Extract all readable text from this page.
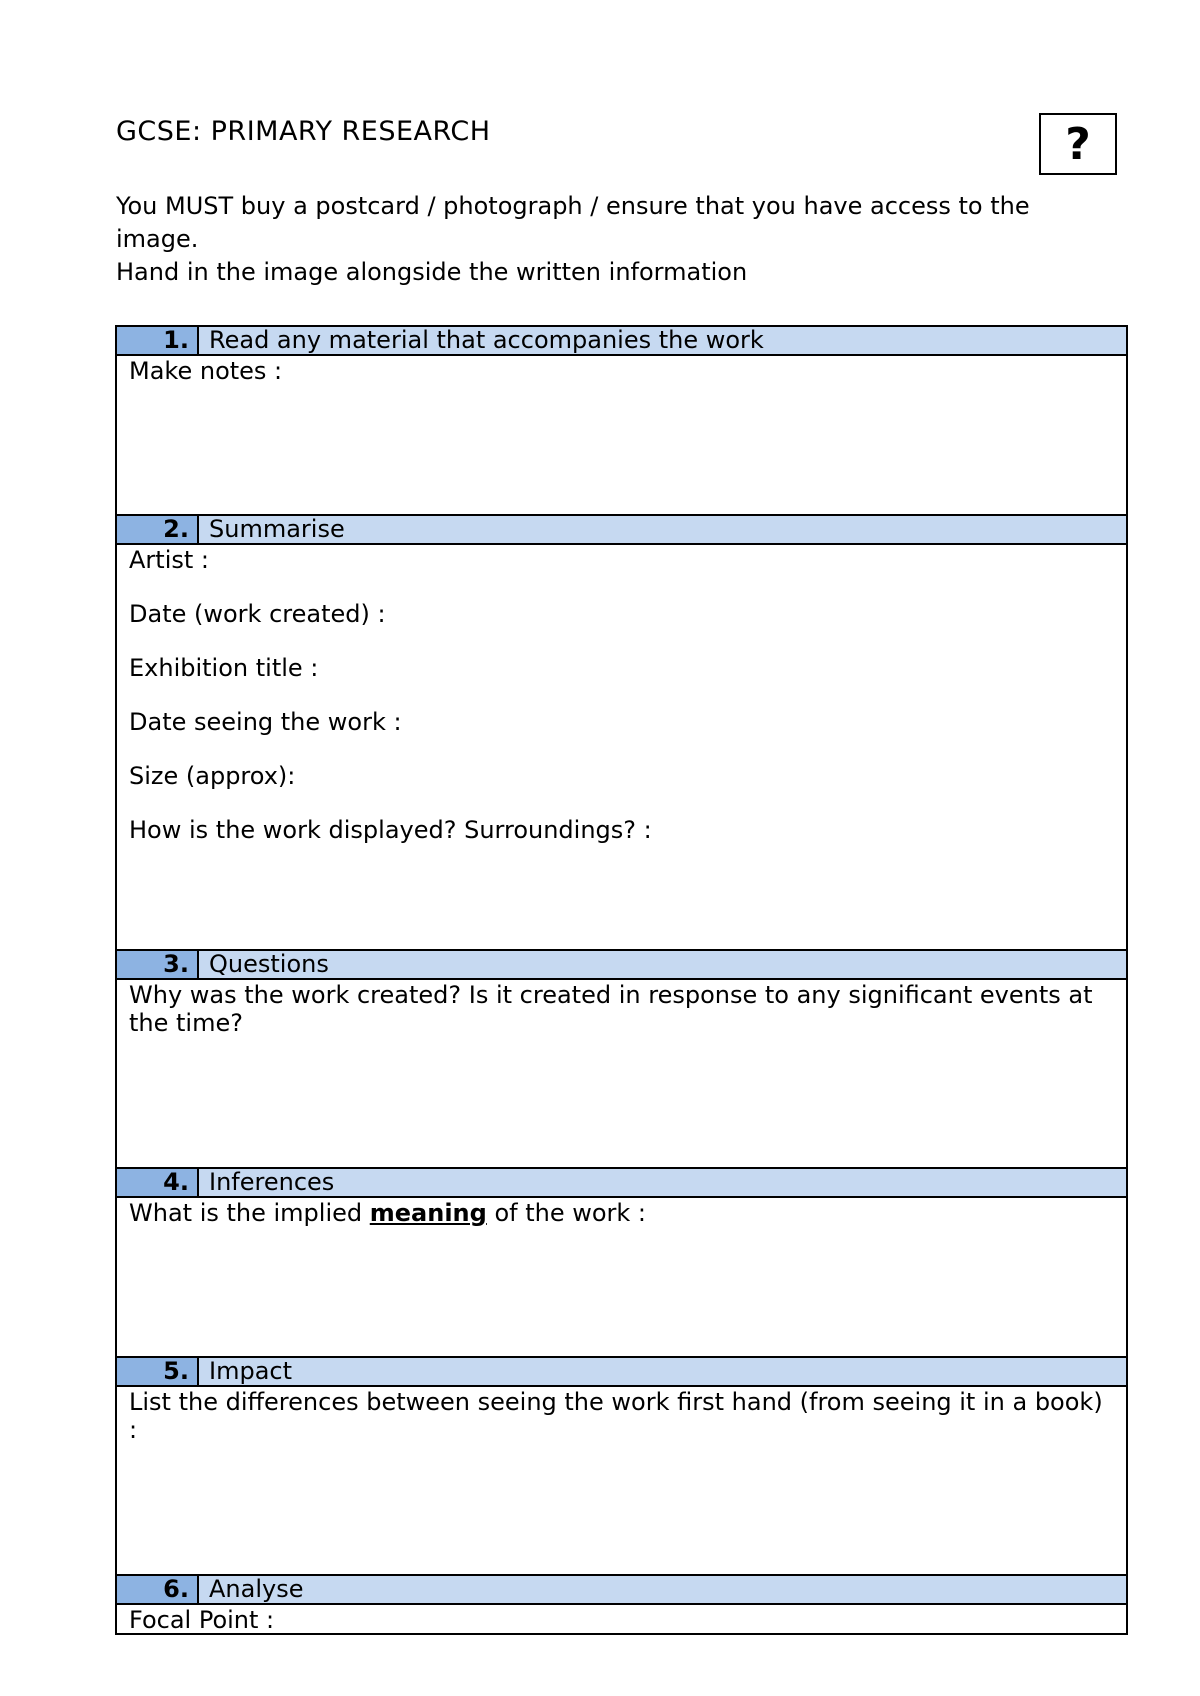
GCSE: PRIMARY RESEARCH	?

You MUST buy a postcard / photograph / ensure that you have access to the image.

Hand in the image alongside the written information

1. Read any material that accompanies the work

Make notes :

2. Summarise

Artist :

Date (work created) :

Exhibition title :

Date seeing the work :

Size (approx):

How is the work displayed? Surroundings? :

3. Questions

Why was the work created? Is it created in response to any significant events at the time?

4. Inferences

What is the implied meaning of the work :

5. Impact

List the differences between seeing the work first hand (from seeing it in a book) :

6. Analyse

Focal Point :
